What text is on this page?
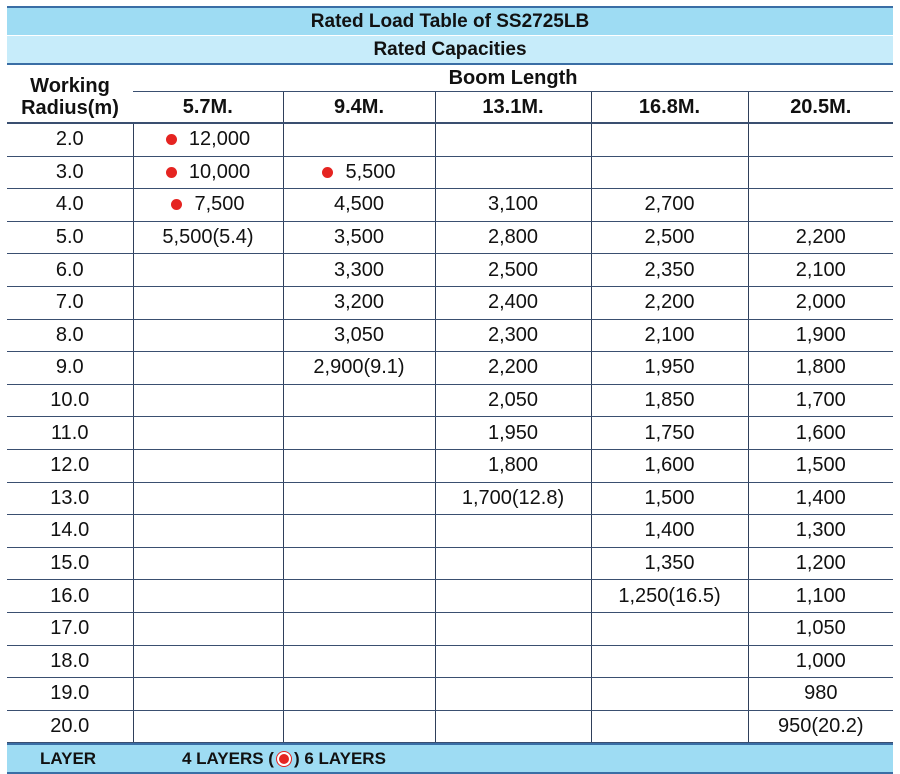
Rated Load Table of SS2725LB
Rated Capacities
Working
Radius(m)	Boom Length				
	5.7M.	9.4M.	13.1M.	16.8M.	20.5M.
2.0	12,000				

3.0	10,000	5,500			

4.0	7,500	4,500	3,100	2,700	
5.0	5,500(5.4)	3,500	2,800	2,500	2,200
6.0		3,300	2,500	2,350	2,100
7.0		3,200	2,400	2,200	2,000
8.0		3,050	2,300	2,100	1,900
9.0		2,900(9.1)	2,200	1,950	1,800
10.0			2,050	1,850	1,700
11.0			1,950	1,750	1,600
12.0			1,800	1,600	1,500
13.0			1,700(12.8)	1,500	1,400
14.0				1,400	1,300
15.0				1,350	1,200
16.0				1,250(16.5)	1,100
17.0					1,050
18.0					1,000
19.0					980
20.0					950(20.2)
LAYER	4 LAYERS ( ) 6 LAYERS
